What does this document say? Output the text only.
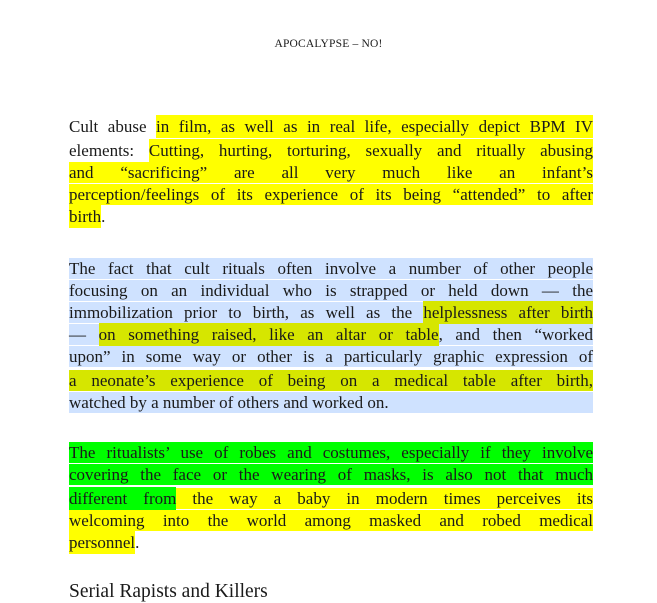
APOCALYPSE – NO!
Cult abuse in film, as well as in real life, especially depict BPM IV
elements: Cutting, hurting, torturing, sexually and ritually abusing
and “sacrificing” are all very much like an infant’s
perception/feelings of its experience of its being “attended” to after
birth.
The fact that cult rituals often involve a number of other people
focusing on an individual who is strapped or held down — the
immobilization prior to birth, as well as the helplessness after birth
— on something raised, like an altar or table, and then “worked
upon” in some way or other is a particularly graphic expression of
a neonate’s experience of being on a medical table after birth,
watched by a number of others and worked on.
The ritualists’ use of robes and costumes, especially if they involve
covering the face or the wearing of masks, is also not that much
different from the way a baby in modern times perceives its
welcoming into the world among masked and robed medical
personnel.
Serial Rapists and Killers
